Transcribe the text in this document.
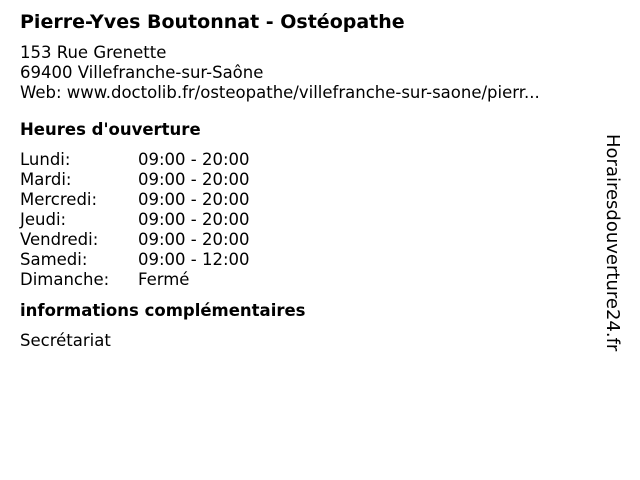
Pierre-Yves Boutonnat - Ostéopathe
153 Rue Grenette
69400 Villefranche-sur-Saône
Web: www.doctolib.fr/osteopathe/villefranche-sur-saone/pierr...
Heures d'ouverture
Lundi:	09:00 - 20:00
Mardi:	09:00 - 20:00
Mercredi:	09:00 - 20:00
Jeudi:	09:00 - 20:00
Vendredi:	09:00 - 20:00
Samedi:	09:00 - 12:00
Dimanche:	Fermé
informations complémentaires
Secrétariat	Horairesdouverture24.fr
